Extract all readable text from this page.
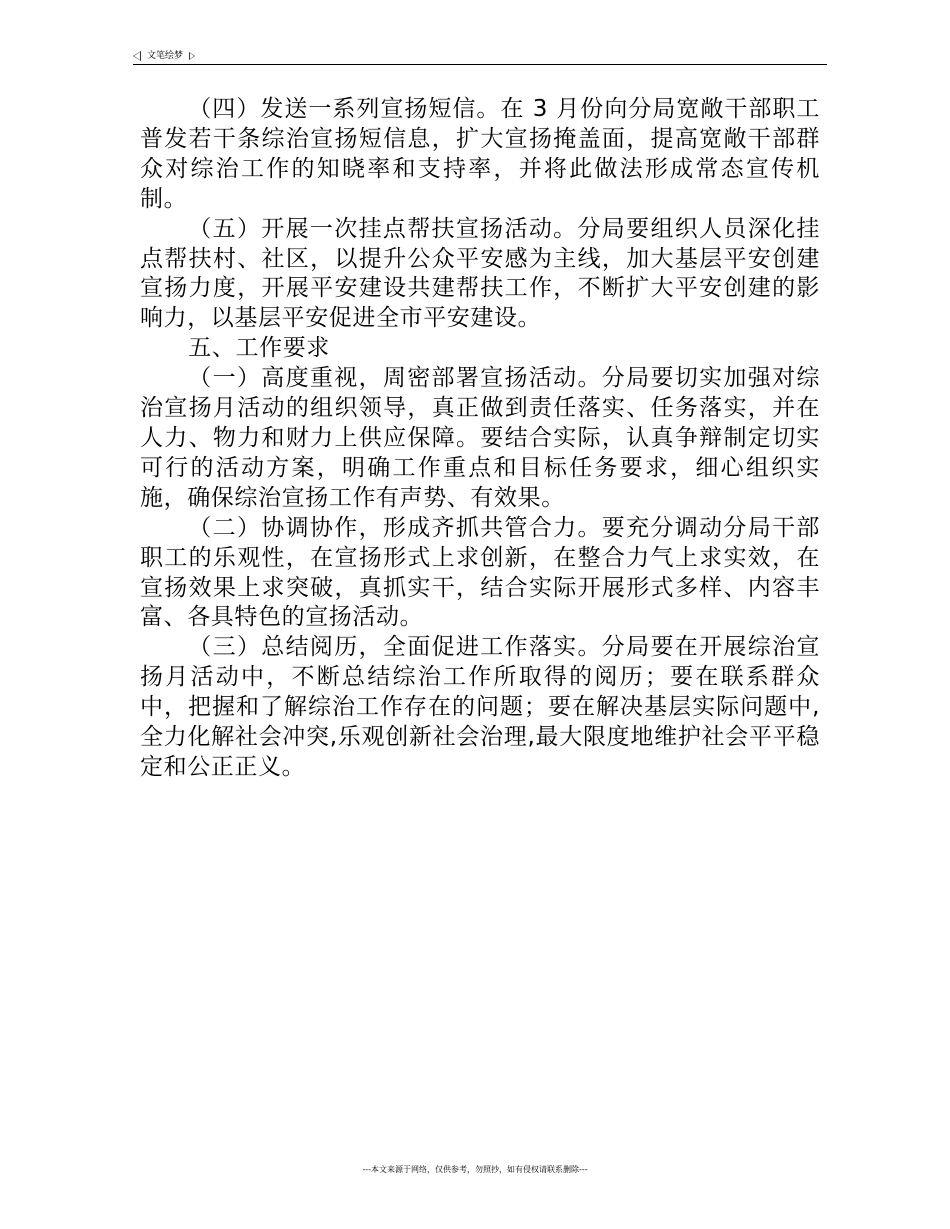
文笔绘梦

（四）发送一系列宣扬短信。在 3 月份向分局宽敞干部职工普发若干条综治宣扬短信息，扩大宣扬掩盖面，提高宽敞干部群众对综治工作的知晓率和支持率，并将此做法形成常态宣传机制。

（五）开展一次挂点帮扶宣扬活动。分局要组织人员深化挂点帮扶村、社区，以提升公众平安感为主线，加大基层平安创建宣扬力度，开展平安建设共建帮扶工作，不断扩大平安创建的影响力，以基层平安促进全市平安建设。

五、工作要求

（一）高度重视，周密部署宣扬活动。分局要切实加强对综治宣扬月活动的组织领导，真正做到责任落实、任务落实，并在人力、物力和财力上供应保障。要结合实际，认真争辩制定切实可行的活动方案，明确工作重点和目标任务要求，细心组织实施，确保综治宣扬工作有声势、有效果。

（二）协调协作，形成齐抓共管合力。要充分调动分局干部职工的乐观性，在宣扬形式上求创新，在整合力气上求实效，在宣扬效果上求突破，真抓实干，结合实际开展形式多样、内容丰富、各具特色的宣扬活动。

（三）总结阅历，全面促进工作落实。分局要在开展综治宣扬月活动中，不断总结综治工作所取得的阅历；要在联系群众中，把握和了解综治工作存在的问题；要在解决基层实际问题中,全力化解社会冲突,乐观创新社会治理,最大限度地维护社会平平稳定和公正正义。

---本文来源于网络，仅供参考，勿照抄，如有侵权请联系删除---
